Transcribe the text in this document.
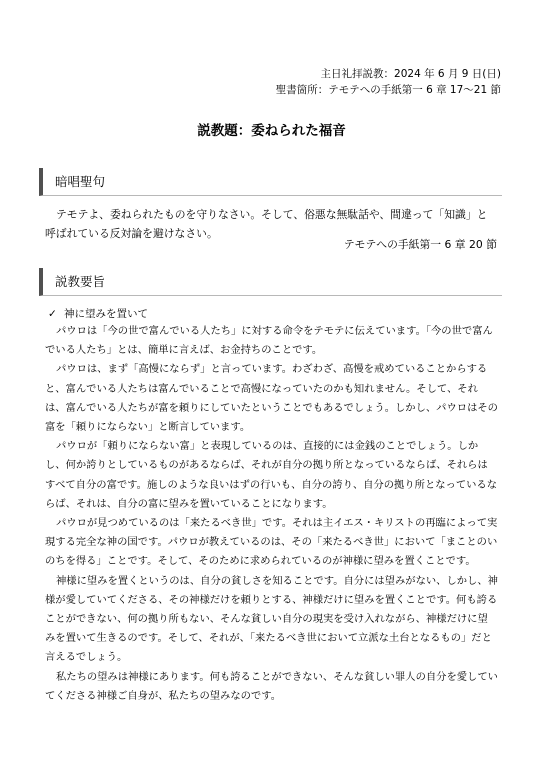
主日礼拝説教：2024 年 6 月 9 日(日)
聖書箇所：テモテへの手紙第一 6 章 17～21 節
説教題：委ねられた福音
暗唱聖句
テモテよ、委ねられたものを守りなさい。そして、俗悪な無駄話や、間違って「知識」と呼ばれている反対論を避けなさい。
テモテへの手紙第一 6 章 20 節
説教要旨
✓ 神に望みを置いて

パウロは「今の世で富んでいる人たち」に対する命令をテモテに伝えています。「今の世で富んでいる人たち」とは、簡単に言えば、お金持ちのことです。

パウロは、まず「高慢にならず」と言っています。わざわざ、高慢を戒めていることからすると、富んでいる人たちは富んでいることで高慢になっていたのかも知れません。そして、それは、富んでいる人たちが富を頼りにしていたということでもあるでしょう。しかし、パウロはその富を「頼りにならない」と断言しています。

パウロが「頼りにならない富」と表現しているのは、直接的には金銭のことでしょう。しかし、何か誇りとしているものがあるならば、それが自分の拠り所となっているならば、それらはすべて自分の富です。施しのような良いはずの行いも、自分の誇り、自分の拠り所となっているならば、それは、自分の富に望みを置いていることになります。

パウロが見つめているのは「来たるべき世」です。それは主イエス・キリストの再臨によって実現する完全な神の国です。パウロが教えているのは、その「来たるべき世」において「まことのいのちを得る」ことです。そして、そのために求められているのが神様に望みを置くことです。

神様に望みを置くというのは、自分の貧しさを知ることです。自分には望みがない、しかし、神様が愛していてくださる、その神様だけを頼りとする、神様だけに望みを置くことです。何も誇ることができない、何の拠り所もない、そんな貧しい自分の現実を受け入れながら、神様だけに望みを置いて生きるのです。そして、それが、「来たるべき世において立派な土台となるもの」だと言えるでしょう。

私たちの望みは神様にあります。何も誇ることができない、そんな貧しい罪人の自分を愛していてくださる神様ご自身が、私たちの望みなのです。
